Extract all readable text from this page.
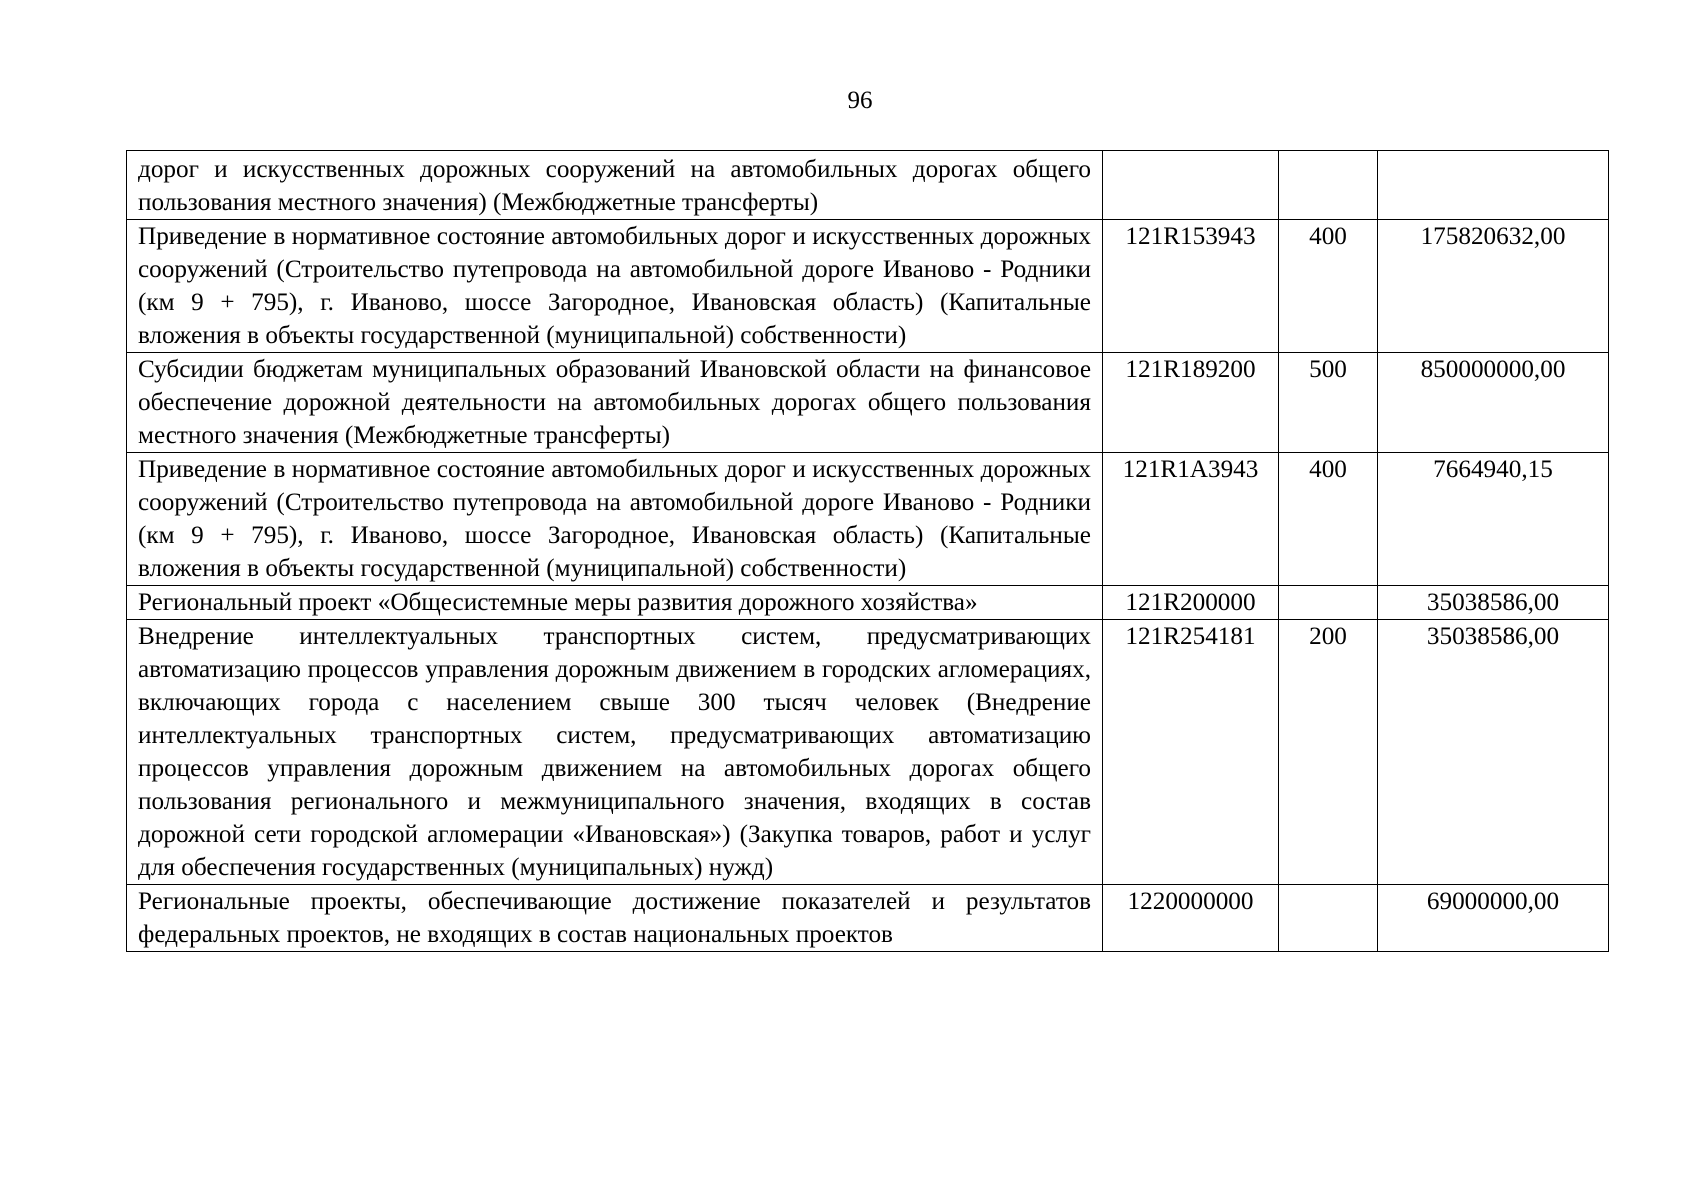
96
дорог и искусственных дорожных сооружений на автомобильных дорогах общего пользования местного значения) (Межбюджетные трансферты)			
Приведение в нормативное состояние автомобильных дорог и искусственных дорожных сооружений (Строительство путепровода на автомобильной дороге Иваново - Родники (км 9 + 795), г. Иваново, шоссе Загородное, Ивановская область) (Капитальные вложения в объекты государственной (муниципальной) собственности)	121R153943	400	175820632,00
Субсидии бюджетам муниципальных образований Ивановской области на финансовое обеспечение дорожной деятельности на автомобильных дорогах общего пользования местного значения (Межбюджетные трансферты)	121R189200	500	850000000,00
Приведение в нормативное состояние автомобильных дорог и искусственных дорожных сооружений (Строительство путепровода на автомобильной дороге Иваново - Родники (км 9 + 795), г. Иваново, шоссе Загородное, Ивановская область) (Капитальные вложения в объекты государственной (муниципальной) собственности)	121R1A3943	400	7664940,15
Региональный проект «Общесистемные меры развития дорожного хозяйства»	121R200000		35038586,00
Внедрение интеллектуальных транспортных систем, предусматривающих автоматизацию процессов управления дорожным движением в городских агломерациях, включающих города с населением свыше 300 тысяч человек (Внедрение интеллектуальных транспортных систем, предусматривающих автоматизацию процессов управления дорожным движением на автомобильных дорогах общего пользования регионального и межмуниципального значения, входящих в состав дорожной сети городской агломерации «Ивановская») (Закупка товаров, работ и услуг для обеспечения государственных (муниципальных) нужд)	121R254181	200	35038586,00
Региональные проекты, обеспечивающие достижение показателей и результатов федеральных проектов, не входящих в состав национальных проектов	1220000000		69000000,00
